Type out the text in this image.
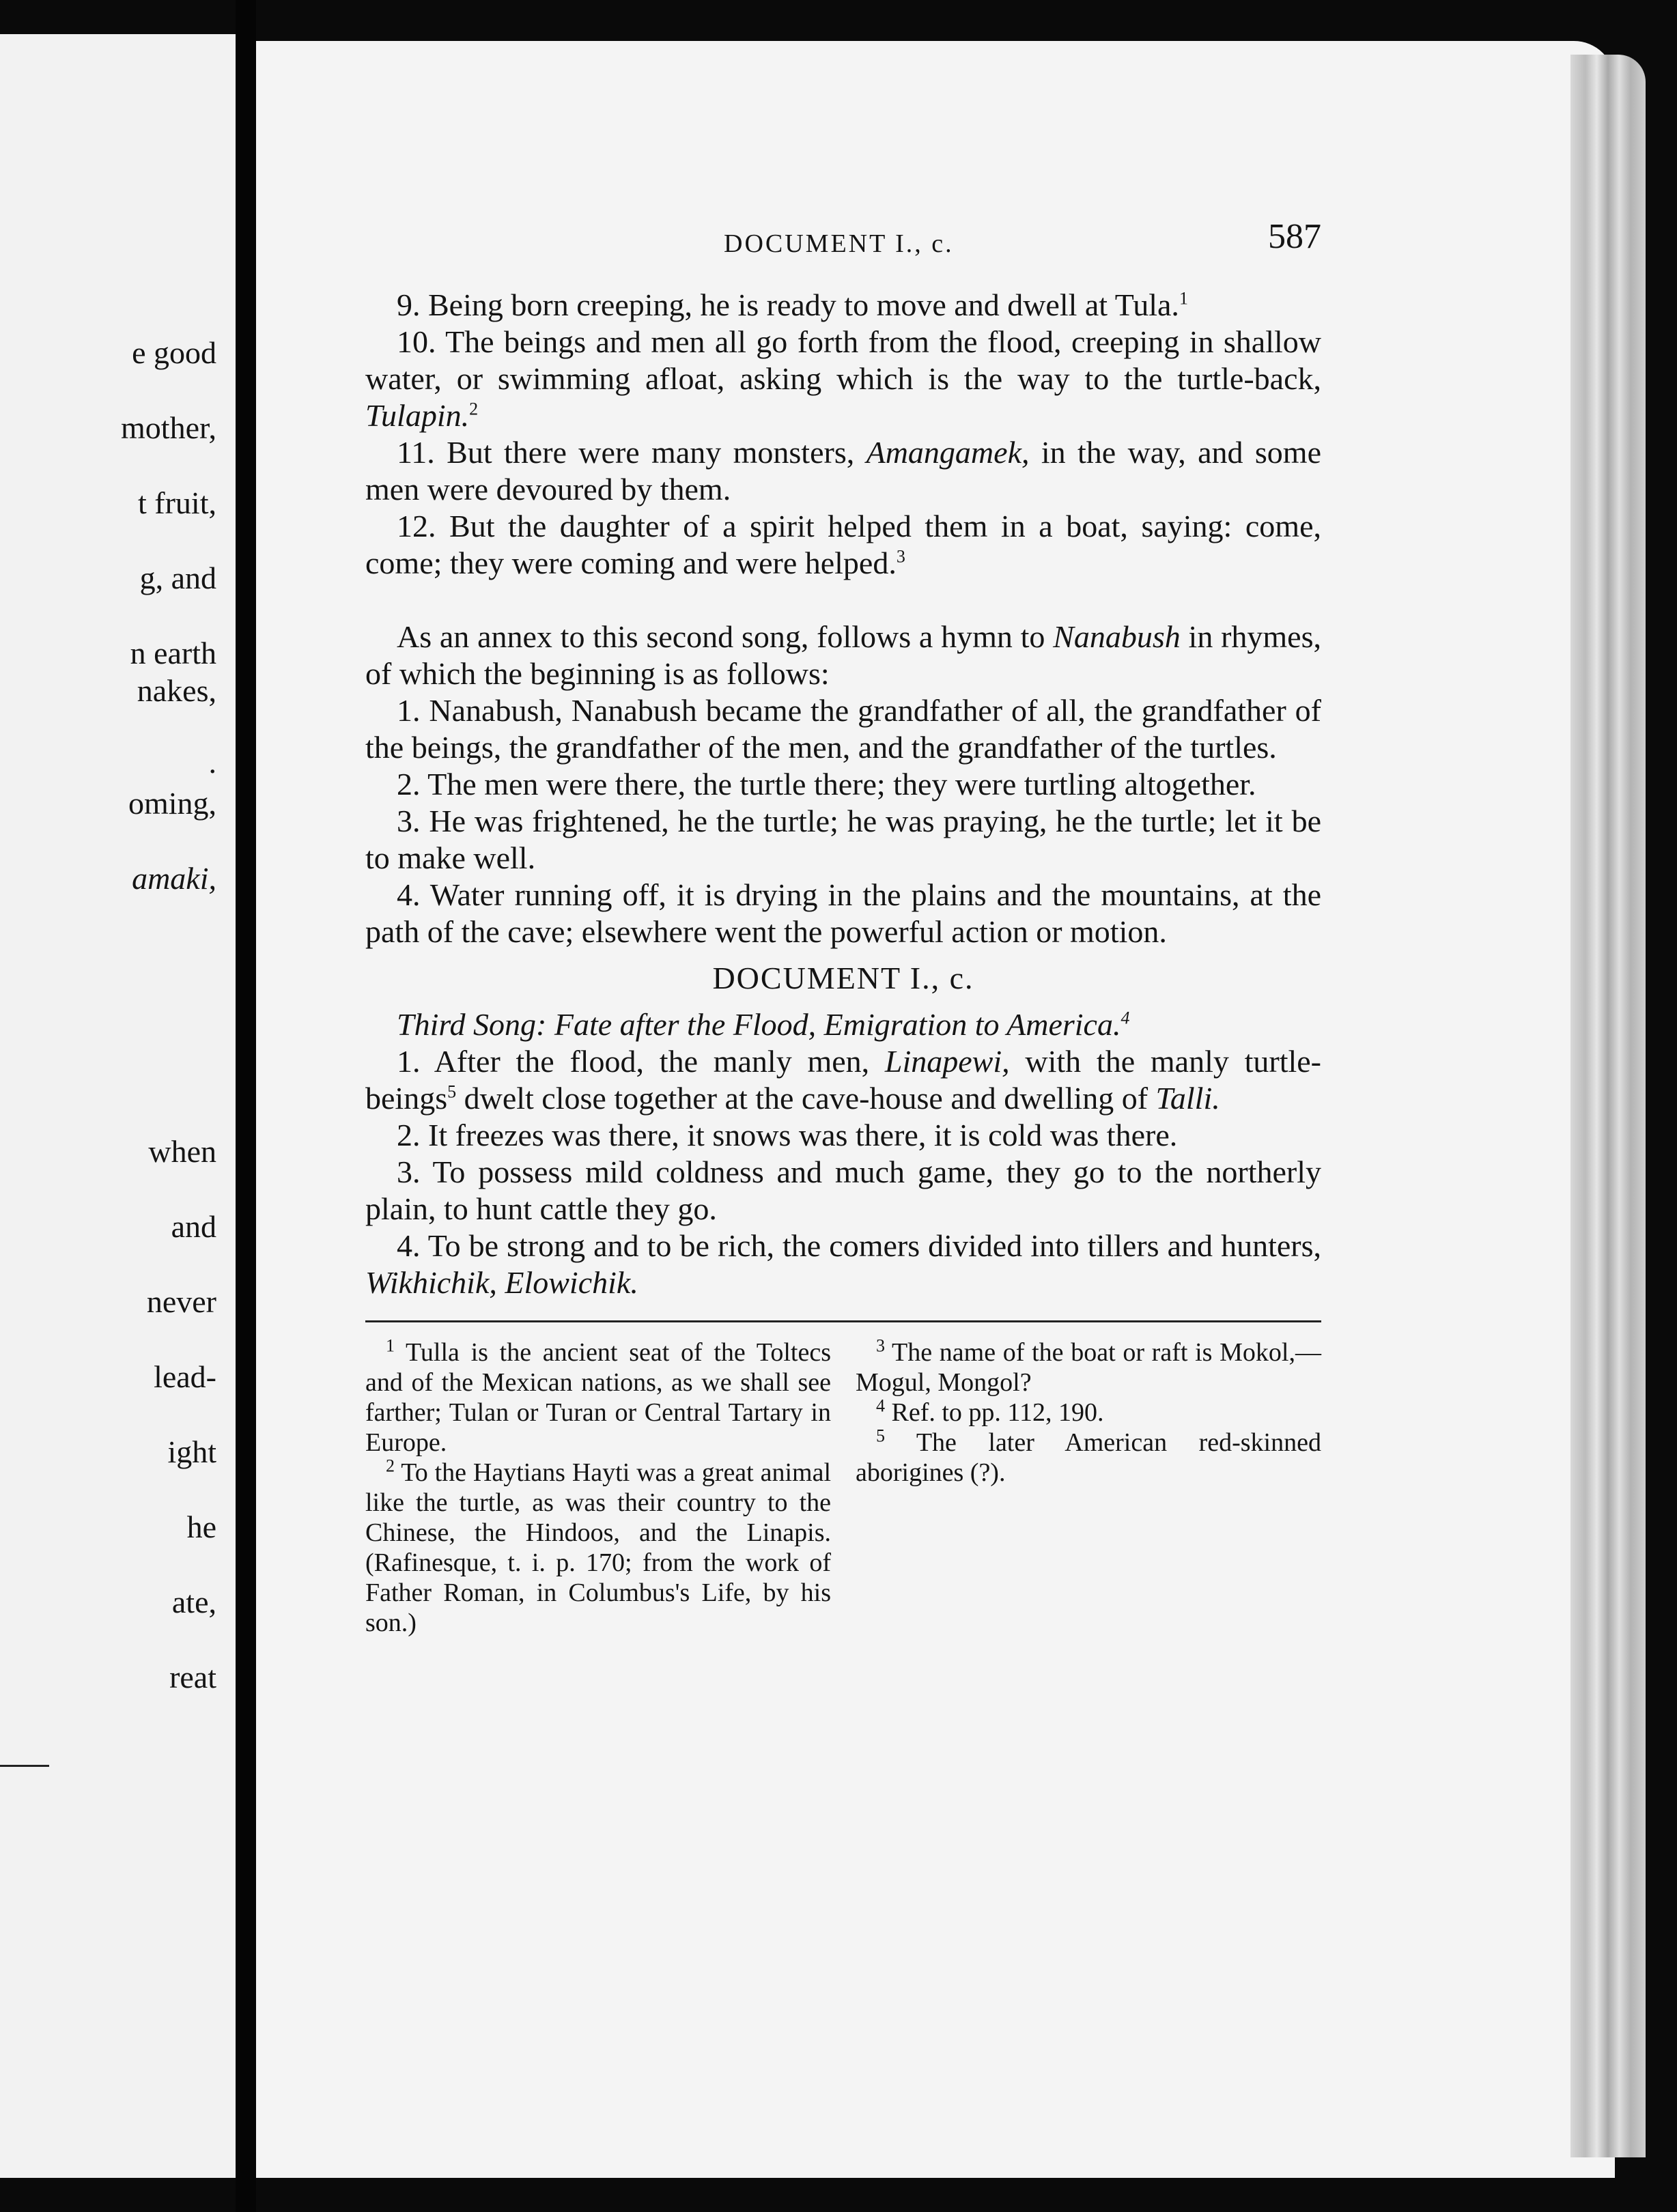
e good
mother,
t fruit,
g, and
n earth
nakes,
.
oming,
amaki,
when
and
never
lead-
ight
he
ate,
reat
DOCUMENT I., c.	587

9. Being born creeping, he is ready to move and dwell at Tula.$^1$

10. The beings and men all go forth from the flood, creeping in shallow water, or swimming afloat, asking which is the way to the turtle-back, Tulapin.$^2$

11. But there were many monsters, Amangamek, in the way, and some men were devoured by them.

12. But the daughter of a spirit helped them in a boat, saying: come, come; they were coming and were helped.$^3$

As an annex to this second song, follows a hymn to Nanabush in rhymes, of which the beginning is as follows:

1. Nanabush, Nanabush became the grandfather of all, the grandfather of the beings, the grandfather of the men, and the grandfather of the turtles.

2. The men were there, the turtle there; they were turtling altogether.

3. He was frightened, he the turtle; he was praying, he the turtle; let it be to make well.

4. Water running off, it is drying in the plains and the mountains, at the path of the cave; elsewhere went the powerful action or motion.

DOCUMENT I., c.

Third Song: Fate after the Flood, Emigration to America.$^4$

1. After the flood, the manly men, Linapewi, with the manly turtle-beings$^5$ dwelt close together at the cave-house and dwelling of Talli.

2. It freezes was there, it snows was there, it is cold was there.

3. To possess mild coldness and much game, they go to the northerly plain, to hunt cattle they go.

4. To be strong and to be rich, the comers divided into tillers and hunters, Wikhichik, Elowichik.

$^1$ Tulla is the ancient seat of the Toltecs and of the Mexican nations, as we shall see farther; Tulan or Turan or Central Tartary in Europe.

$^2$ To the Haytians Hayti was a great animal like the turtle, as was their country to the Chinese, the Hindoos, and the Linapis. (Rafinesque, t. i. p. 170; from the work of Father Roman, in Columbus's Life, by his son.)

$^3$ The name of the boat or raft is Mokol,—Mogul, Mongol?

$^4$ Ref. to pp. 112, 190.

$^5$ The later American red-skinned aborigines (?).
